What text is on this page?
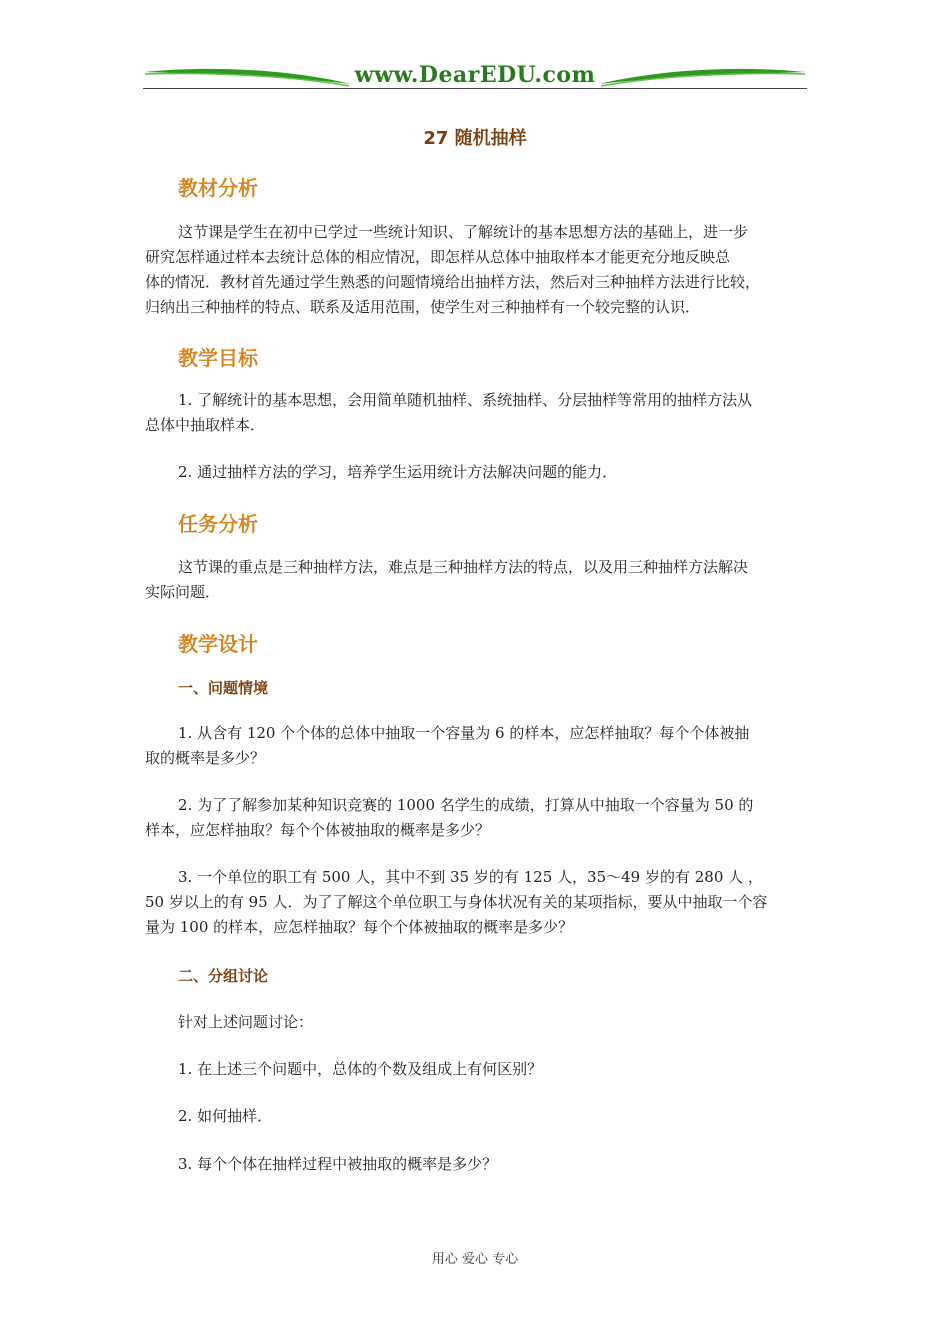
www.DearEDU.com
27 随机抽样
教材分析
这节课是学生在初中已学过一些统计知识、了解统计的基本思想方法的基础上，进一步
研究怎样通过样本去统计总体的相应情况，即怎样从总体中抽取样本才能更充分地反映总
体的情况．教材首先通过学生熟悉的问题情境给出抽样方法，然后对三种抽样方法进行比较，
归纳出三种抽样的特点、联系及适用范围，使学生对三种抽样有一个较完整的认识．
教学目标
1. 了解统计的基本思想，会用简单随机抽样、系统抽样、分层抽样等常用的抽样方法从
总体中抽取样本．
2. 通过抽样方法的学习，培养学生运用统计方法解决问题的能力．
任务分析
这节课的重点是三种抽样方法，难点是三种抽样方法的特点，以及用三种抽样方法解决
实际问题．
教学设计
一、问题情境
1. 从含有 120 个个体的总体中抽取一个容量为 6 的样本，应怎样抽取？每个个体被抽
取的概率是多少？
2. 为了了解参加某种知识竞赛的 1000 名学生的成绩，打算从中抽取一个容量为 50 的
样本，应怎样抽取？每个个体被抽取的概率是多少？
3. 一个单位的职工有 500 人，其中不到 35 岁的有 125 人，35～49 岁的有 280 人 ，
50 岁以上的有 95 人．为了了解这个单位职工与身体状况有关的某项指标，要从中抽取一个容
量为 100 的样本，应怎样抽取？每个个体被抽取的概率是多少？
二、分组讨论
针对上述问题讨论：
1. 在上述三个问题中，总体的个数及组成上有何区别？
2. 如何抽样．
3. 每个个体在抽样过程中被抽取的概率是多少？
用心 爱心 专心
